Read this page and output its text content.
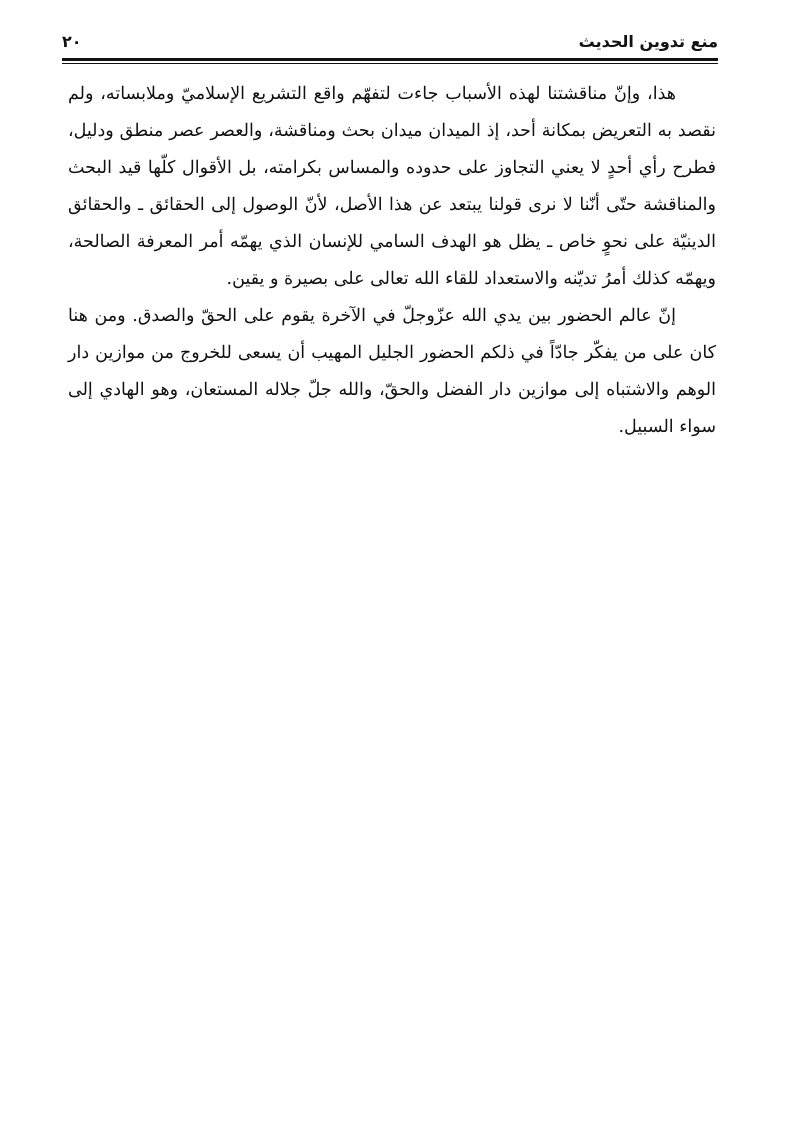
منع تدوين الحديث
٢٠

هذا، وإنّ مناقشتنا لهذه الأسباب جاءت لتفهّم واقع التشريع الإسلاميّ وملابساته، ولم نقصد به التعريض بمكانة أحد، إذ الميدان ميدان بحث ومناقشة، والعصر عصر منطق ودليل، فطرح رأي أحدٍ لا يعني التجاوز على حدوده والمساس بكرامته، بل الأقوال كلّها قيد البحث والمناقشة حتّى أنّنا لا نرى قولنا يبتعد عن هذا الأصل، لأنّ الوصول إلى الحقائق ـ والحقائق الدينيّة على نحوٍ خاص ـ يظل هو الهدف السامي للإنسان الذي يهمّه أمر المعرفة الصالحة، ويهمّه كذلك أمرُ تديّنه والاستعداد للقاء الله تعالى على بصيرة و يقين.

إنّ عالم الحضور بين يدي الله عزّوجلّ في الآخرة يقوم على الحقّ والصدق. ومن هنا كان على من يفكّر جادّاً في ذلكم الحضور الجليل المهيب أن يسعى للخروج من موازين دار الوهم والاشتباه إلى موازين دار الفضل والحقّ، والله جلّ جلاله المستعان، وهو الهادي إلى سواء السبيل.
